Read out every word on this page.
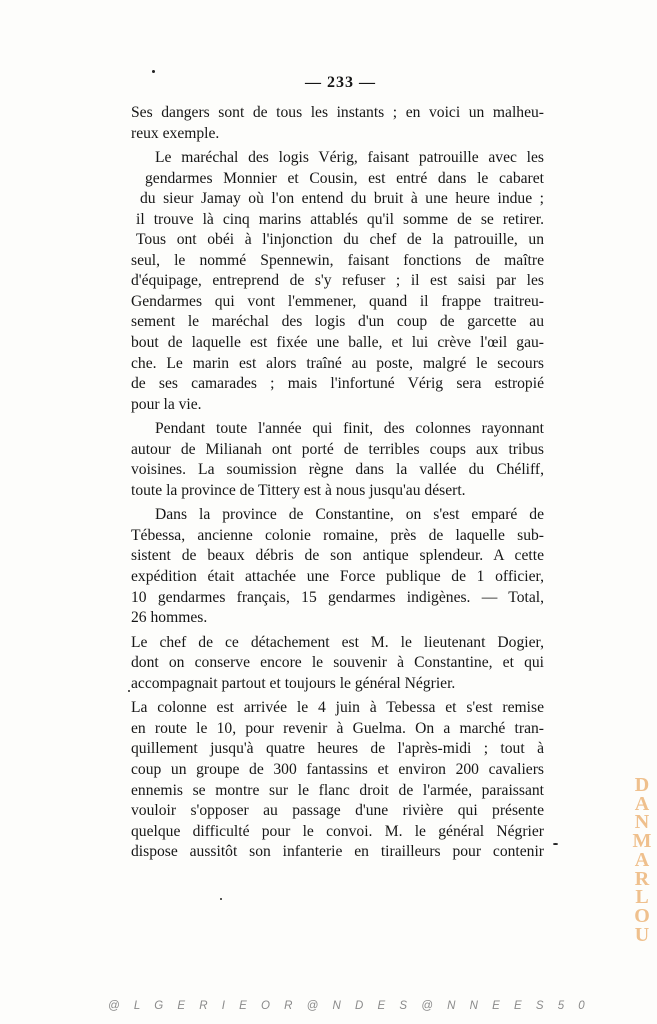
— 233 —
Ses dangers sont de tous les instants ; en voici un malheu-
reux exemple.
Le maréchal des logis Vérig, faisant patrouille avec les
gendarmes Monnier et Cousin, est entré dans le cabaret
du sieur Jamay où l'on entend du bruit à une heure indue ;
il trouve là cinq marins attablés qu'il somme de se retirer.
Tous ont obéi à l'injonction du chef de la patrouille, un
seul, le nommé Spennewin, faisant fonctions de maître
d'équipage, entreprend de s'y refuser ; il est saisi par les
Gendarmes qui vont l'emmener, quand il frappe traitreu-
sement le maréchal des logis d'un coup de garcette au
bout de laquelle est fixée une balle, et lui crève l'œil gau-
che. Le marin est alors traîné au poste, malgré le secours
de ses camarades ; mais l'infortuné Vérig sera estropié
pour la vie.
Pendant toute l'année qui finit, des colonnes rayonnant
autour de Milianah ont porté de terribles coups aux tribus
voisines. La soumission règne dans la vallée du Chéliff,
toute la province de Tittery est à nous jusqu'au désert.
Dans la province de Constantine, on s'est emparé de
Tébessa, ancienne colonie romaine, près de laquelle sub-
sistent de beaux débris de son antique splendeur. A cette
expédition était attachée une Force publique de 1 officier,
10 gendarmes français, 15 gendarmes indigènes. — Total,
26 hommes.
Le chef de ce détachement est M. le lieutenant Dogier,
dont on conserve encore le souvenir à Constantine, et qui
accompagnait partout et toujours le général Négrier.
La colonne est arrivée le 4 juin à Tebessa et s'est remise
en route le 10, pour revenir à Guelma. On a marché tran-
quillement jusqu'à quatre heures de l'après-midi ; tout à
coup un groupe de 300 fantassins et environ 200 cavaliers
ennemis se montre sur le flanc droit de l'armée, paraissant
vouloir s'opposer au passage d'une rivière qui présente
quelque difficulté pour le convoi. M. le général Négrier
dispose aussitôt son infanterie en tirailleurs pour contenir
D
A
N
M
A
R
L
O
U
@ L G E R I E O R @ N D E S @ N N E E S 5 0
